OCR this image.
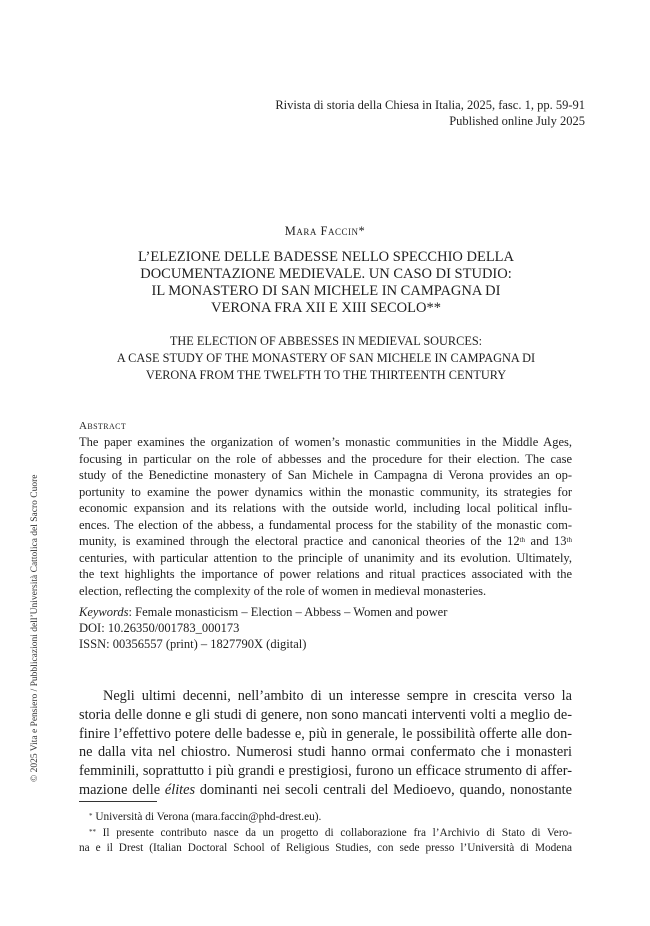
© 2025 Vita e Pensiero / Pubblicazioni dell’Università Cattolica del Sacro Cuore
Rivista di storia della Chiesa in Italia, 2025, fasc. 1, pp. 59-91
Published online July 2025
Mara Faccin*
L’ELEZIONE DELLE BADESSE NELLO SPECCHIO DELLA
DOCUMENTAZIONE MEDIEVALE. UN CASO DI STUDIO:
IL MONASTERO DI SAN MICHELE IN CAMPAGNA DI
VERONA FRA XII E XIII SECOLO**
THE ELECTION OF ABBESSES IN MEDIEVAL SOURCES:
A CASE STUDY OF THE MONASTERY OF SAN MICHELE IN CAMPAGNA DI
VERONA FROM THE TWELFTH TO THE THIRTEENTH CENTURY
Abstract
The paper examines the organization of women’s monastic communities in the Middle Ages,
focusing in particular on the role of abbesses and the procedure for their election. The case
study of the Benedictine monastery of San Michele in Campagna di Verona provides an op-
portunity to examine the power dynamics within the monastic community, its strategies for
economic expansion and its relations with the outside world, including local political influ-
ences. The election of the abbess, a fundamental process for the stability of the monastic com-
munity, is examined through the electoral practice and canonical theories of the 12th and 13th
centuries, with particular attention to the principle of unanimity and its evolution. Ultimately,
the text highlights the importance of power relations and ritual practices associated with the
election, reflecting the complexity of the role of women in medieval monasteries.
Keywords: Female monasticism – Election – Abbess – Women and power
DOI: 10.26350/001783_000173
ISSN: 00356557 (print) – 1827790X (digital)
Negli ultimi decenni, nell’ambito di un interesse sempre in crescita verso la
storia delle donne e gli studi di genere, non sono mancati interventi volti a meglio de-
finire l’effettivo potere delle badesse e, più in generale, le possibilità offerte alle don-
ne dalla vita nel chiostro. Numerosi studi hanno ormai confermato che i monasteri
femminili, soprattutto i più grandi e prestigiosi, furono un efficace strumento di affer-
mazione delle élites dominanti nei secoli centrali del Medioevo, quando, nonostante
* Università di Verona (mara.faccin@phd-drest.eu).
** Il presente contributo nasce da un progetto di collaborazione fra l’Archivio di Stato di Vero-
na e il Drest (Italian Doctoral School of Religious Studies, con sede presso l’Università di Modena
